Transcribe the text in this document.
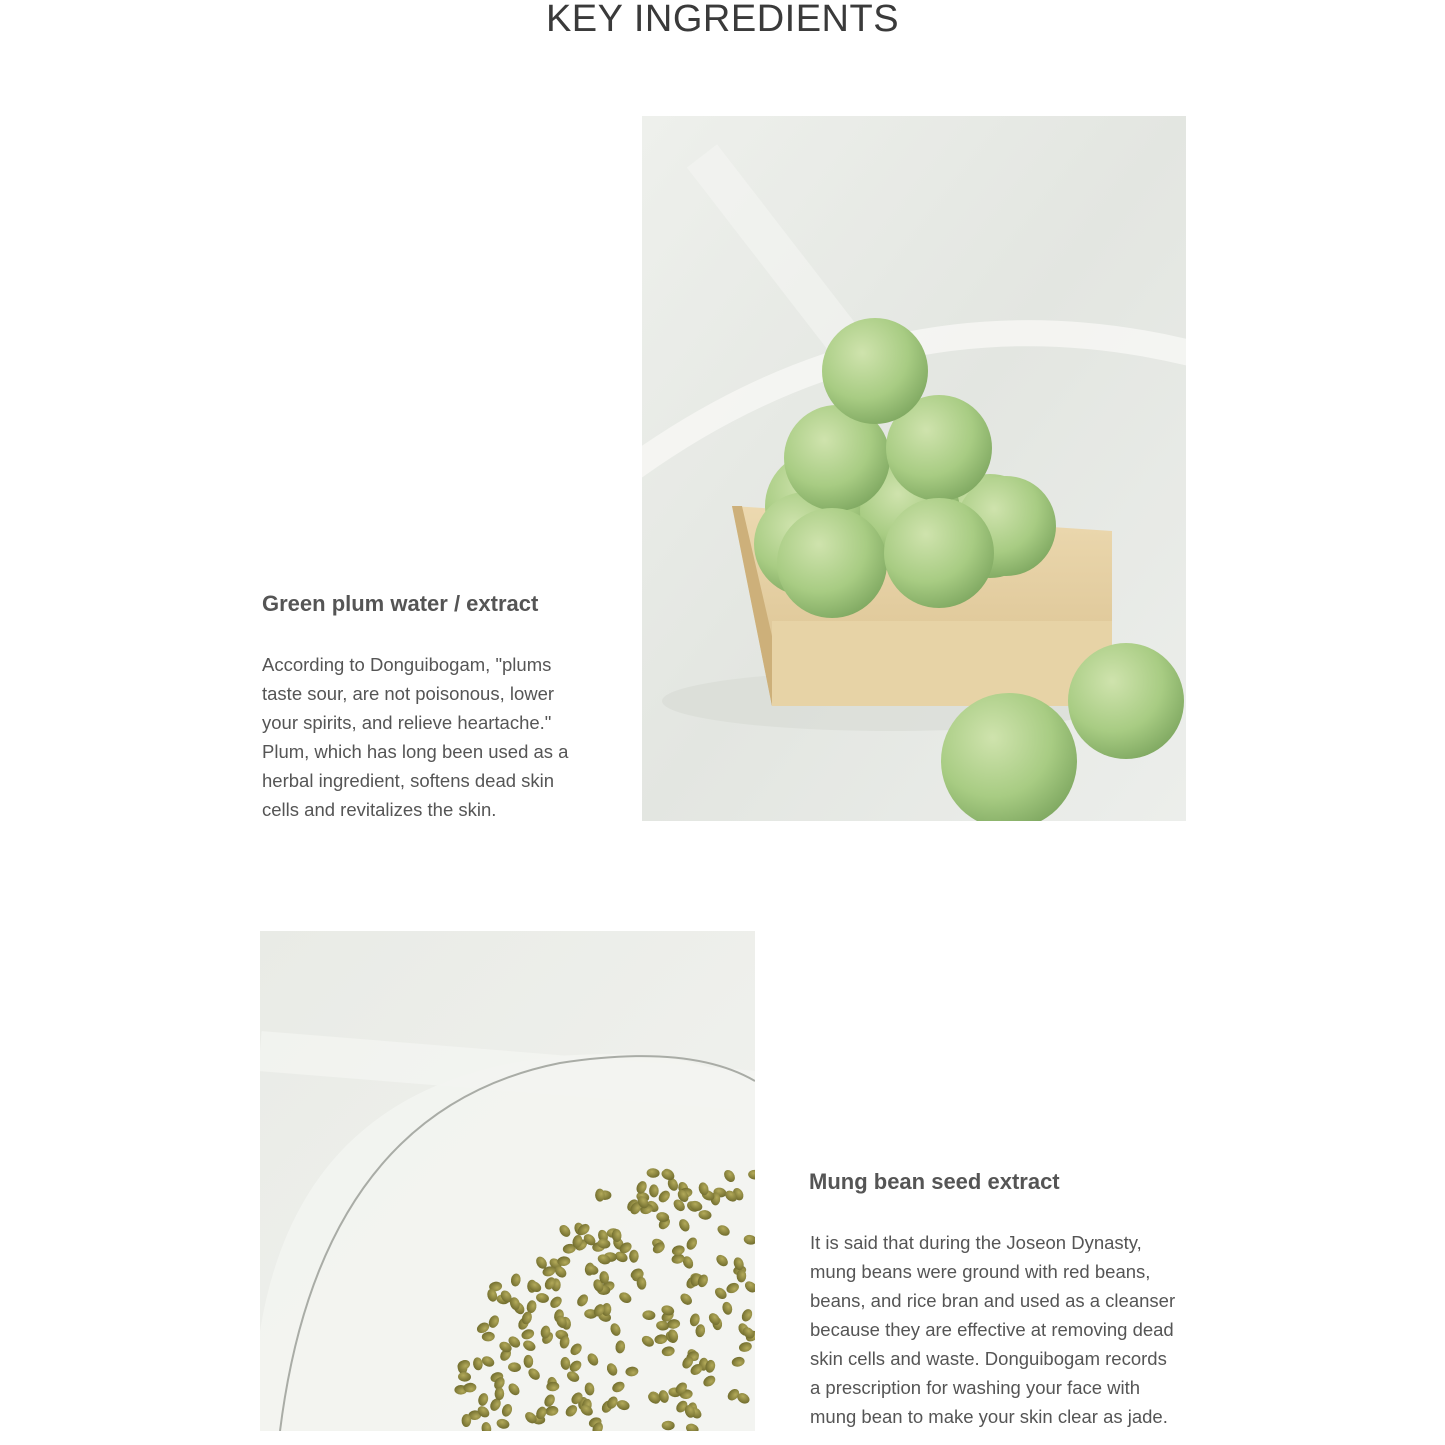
KEY INGREDIENTS
Green plum water / extract
According to Donguibogam, "plums
taste sour, are not poisonous, lower
your spirits, and relieve heartache."
Plum, which has long been used as a
herbal ingredient, softens dead skin
cells and revitalizes the skin.
Mung bean seed extract
It is said that during the Joseon Dynasty,
mung beans were ground with red beans,
beans, and rice bran and used as a cleanser
because they are effective at removing dead
skin cells and waste. Donguibogam records
a prescription for washing your face with
mung bean to make your skin clear as jade.
